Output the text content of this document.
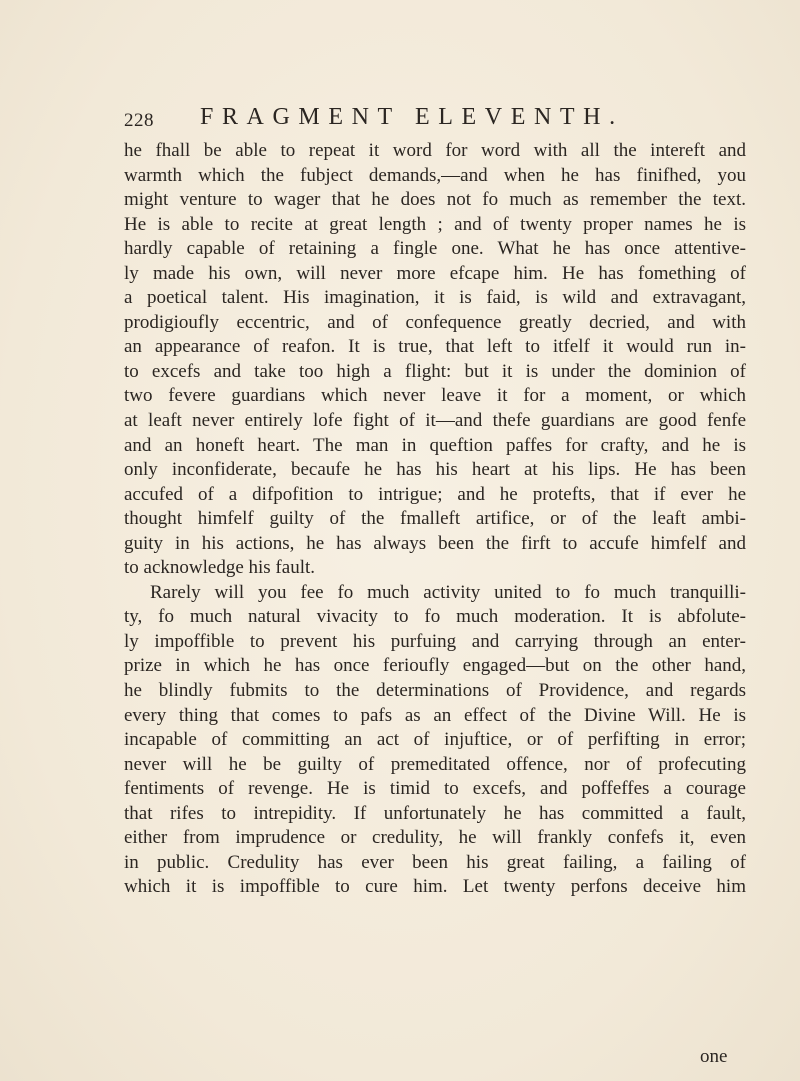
228 FRAGMENT ELEVENTH.
he fhall be able to repeat it word for word with all the intereft and
warmth which the fubject demands,—and when he has finifhed, you
might venture to wager that he does not fo much as remember the text.
He is able to recite at great length ; and of twenty proper names he is
hardly capable of retaining a fingle one. What he has once attentive-
ly made his own, will never more efcape him. He has fomething of
a poetical talent. His imagination, it is faid, is wild and extravagant,
prodigioufly eccentric, and of confequence greatly decried, and with
an appearance of reafon. It is true, that left to itfelf it would run in-
to excefs and take too high a flight: but it is under the dominion of
two fevere guardians which never leave it for a moment, or which
at leaft never entirely lofe fight of it—and thefe guardians are good fenfe
and an honeft heart. The man in queftion paffes for crafty, and he is
only inconfiderate, becaufe he has his heart at his lips. He has been
accufed of a difpofition to intrigue; and he protefts, that if ever he
thought himfelf guilty of the fmalleft artifice, or of the leaft ambi-
guity in his actions, he has always been the firft to accufe himfelf and
to acknowledge his fault.
Rarely will you fee fo much activity united to fo much tranquilli-
ty, fo much natural vivacity to fo much moderation. It is abfolute-
ly impoffible to prevent his purfuing and carrying through an enter-
prize in which he has once ferioufly engaged—but on the other hand,
he blindly fubmits to the determinations of Providence, and regards
every thing that comes to pafs as an effect of the Divine Will. He is
incapable of committing an act of injuftice, or of perfifting in error;
never will he be guilty of premeditated offence, nor of profecuting
fentiments of revenge. He is timid to excefs, and poffeffes a courage
that rifes to intrepidity. If unfortunately he has committed a fault,
either from imprudence or credulity, he will frankly confefs it, even
in public. Credulity has ever been his great failing, a failing of
which it is impoffible to cure him. Let twenty perfons deceive him
one
